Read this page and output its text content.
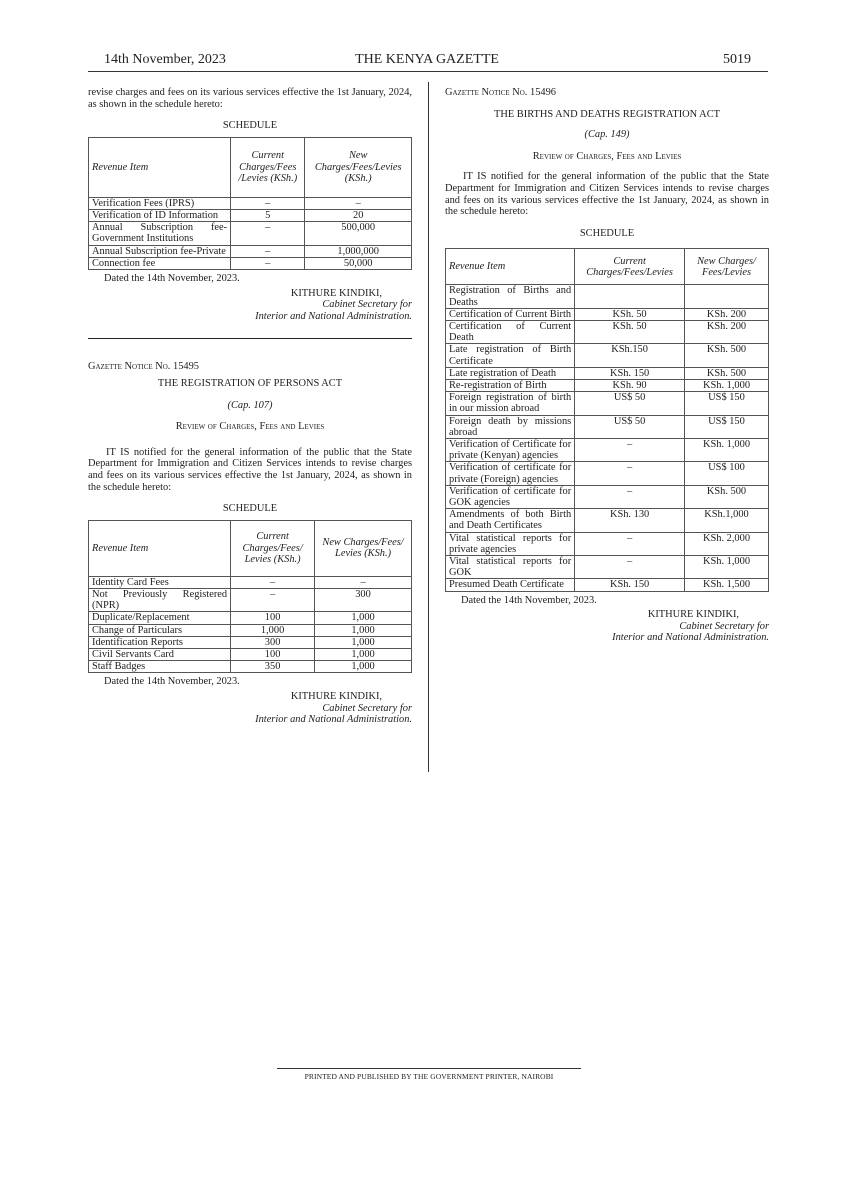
14th November, 2023	THE KENYA GAZETTE	5019
revise charges and fees on its various services effective the 1st January, 2024, as shown in the schedule hereto:
SCHEDULE
Revenue Item	Current Charges/Fees /Levies (KSh.)	New Charges/Fees/Levies (KSh.)
Verification Fees (IPRS)	–	–
Verification of ID Information	5	20
Annual Subscription fee-Government Institutions	–	500,000
Annual Subscription fee-Private	–	1,000,000
Connection fee	–	50,000
Dated the 14th November, 2023.
KITHURE KINDIKI,
Cabinet Secretary for
Interior and National Administration.
Gazette Notice No. 15495
THE REGISTRATION OF PERSONS ACT
(Cap. 107)
Review of Charges, Fees and Levies
IT IS notified for the general information of the public that the State Department for Immigration and Citizen Services intends to revise charges and fees on its various services effective the 1st January, 2024, as shown in the schedule hereto:
SCHEDULE
Revenue Item	Current Charges/Fees/ Levies (KSh.)	New Charges/Fees/ Levies (KSh.)
Identity Card Fees	–	–
Not Previously Registered (NPR)	–	300
Duplicate/Replacement	100	1,000
Change of Particulars	1,000	1,000
Identification Reports	300	1,000
Civil Servants Card	100	1,000
Staff Badges	350	1,000
Dated the 14th November, 2023.
KITHURE KINDIKI,
Cabinet Secretary for
Interior and National Administration.
Gazette Notice No. 15496
THE BIRTHS AND DEATHS REGISTRATION ACT
(Cap. 149)
Review of Charges, Fees and Levies
IT IS notified for the general information of the public that the State Department for Immigration and Citizen Services intends to revise charges and fees on its various services effective the 1st January, 2024, as shown in the schedule hereto:
SCHEDULE
Revenue Item	Current Charges/Fees/Levies	New Charges/ Fees/Levies
Registration of Births and Deaths		
Certification of Current Birth	KSh. 50	KSh. 200
Certification of Current Death	KSh. 50	KSh. 200
Late registration of Birth Certificate	KSh.150	KSh. 500
Late registration of Death	KSh. 150	KSh. 500
Re-registration of Birth	KSh. 90	KSh. 1,000
Foreign registration of birth in our mission abroad	US$ 50	US$ 150
Foreign death by missions abroad	US$ 50	US$ 150
Verification of Certificate for private (Kenyan) agencies	–	KSh. 1,000
Verification of certificate for private (Foreign) agencies	–	US$ 100
Verification of certificate for GOK agencies	–	KSh. 500
Amendments of both Birth and Death Certificates	KSh. 130	KSh.1,000
Vital statistical reports for private agencies	–	KSh. 2,000
Vital statistical reports for GOK	–	KSh. 1,000
Presumed Death Certificate	KSh. 150	KSh. 1,500
Dated the 14th November, 2023.
KITHURE KINDIKI,
Cabinet Secretary for
Interior and National Administration.
PRINTED AND PUBLISHED BY THE GOVERNMENT PRINTER, NAIROBI
